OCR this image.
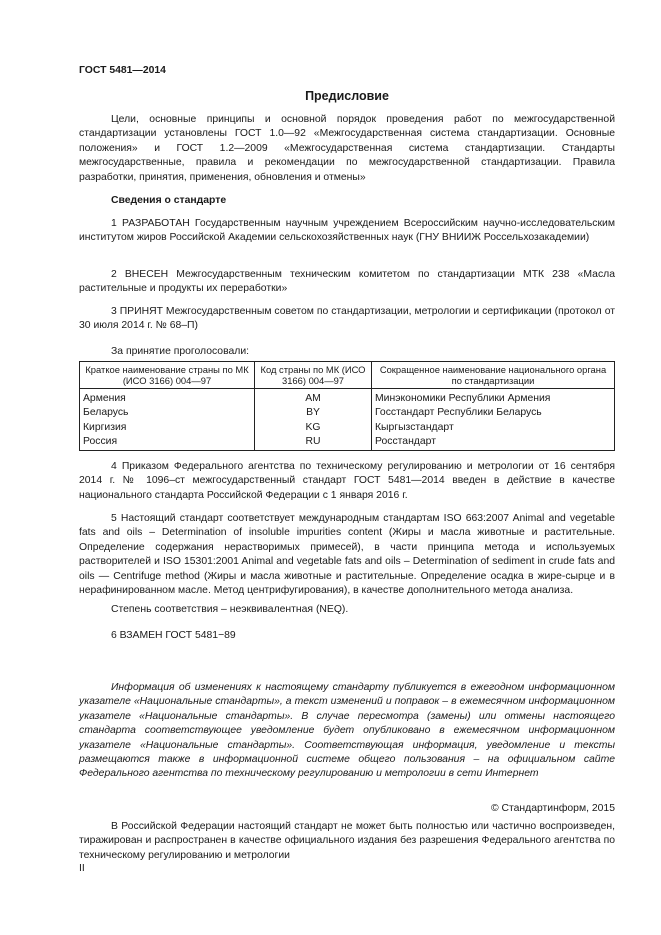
ГОСТ 5481—2014
Предисловие
Цели, основные принципы и основной порядок проведения работ по межгосударственной стандартизации установлены ГОСТ 1.0—92 «Межгосударственная система стандартизации. Основные положения» и ГОСТ 1.2—2009 «Межгосударственная система стандартизации. Стандарты межгосударственные, правила и рекомендации по межгосударственной стандартизации. Правила разработки, принятия, применения, обновления и отмены»
Сведения о стандарте
1 РАЗРАБОТАН Государственным научным учреждением Всероссийским научно-исследовательским институтом жиров Российской Академии сельскохозяйственных наук (ГНУ ВНИИЖ Россельхозакадемии)
2 ВНЕСЕН Межгосударственным техническим комитетом по стандартизации МТК 238 «Масла растительные и продукты их переработки»
3 ПРИНЯТ Межгосударственным советом по стандартизации, метрологии и сертификации (протокол от 30 июля 2014 г. № 68–П)
За принятие проголосовали:
Краткое наименование страны по МК (ИСО 3166) 004—97	Код страны по МК (ИСО 3166) 004—97	Сокращенное наименование национального органа по стандартизации
Армения	AM	Минэкономики Республики Армения
Беларусь	BY	Госстандарт Республики Беларусь
Киргизия	KG	Кыргызстандарт
Россия	RU	Росстандарт
4 Приказом Федерального агентства по техническому регулированию и метрологии от 16 сентября 2014 г. № 1096–ст межгосударственный стандарт ГОСТ 5481—2014 введен в действие в качестве национального стандарта Российской Федерации с 1 января 2016 г.
5 Настоящий стандарт соответствует международным стандартам ISO 663:2007 Animal and vegetable fats and oils – Determination of insoluble impurities content (Жиры и масла животные и растительные. Определение содержания нерастворимых примесей), в части принципа метода и используемых растворителей и ISO 15301:2001 Animal and vegetable fats and oils – Determination of sediment in crude fats and oils — Centrifuge method (Жиры и масла животные и растительные. Определение осадка в жире-сырце и в нерафинированном масле. Метод центрифугирования), в качестве дополнительного метода анализа.
Степень соответствия – неэквивалентная (NEQ).
6 ВЗАМЕН ГОСТ 5481−89
Информация об изменениях к настоящему стандарту публикуется в ежегодном информационном указателе «Национальные стандарты», а текст изменений и поправок – в ежемесячном информационном указателе «Национальные стандарты». В случае пересмотра (замены) или отмены настоящего стандарта соответствующее уведомление будет опубликовано в ежемесячном информационном указателе «Национальные стандарты». Соответствующая информация, уведомление и тексты размещаются также в информационной системе общего пользования – на официальном сайте Федерального агентства по техническому регулированию и метрологии в сети Интернет
© Стандартинформ, 2015
В Российской Федерации настоящий стандарт не может быть полностью или частично воспроизведен, тиражирован и распространен в качестве официального издания без разрешения Федерального агентства по техническому регулированию и метрологии
II
